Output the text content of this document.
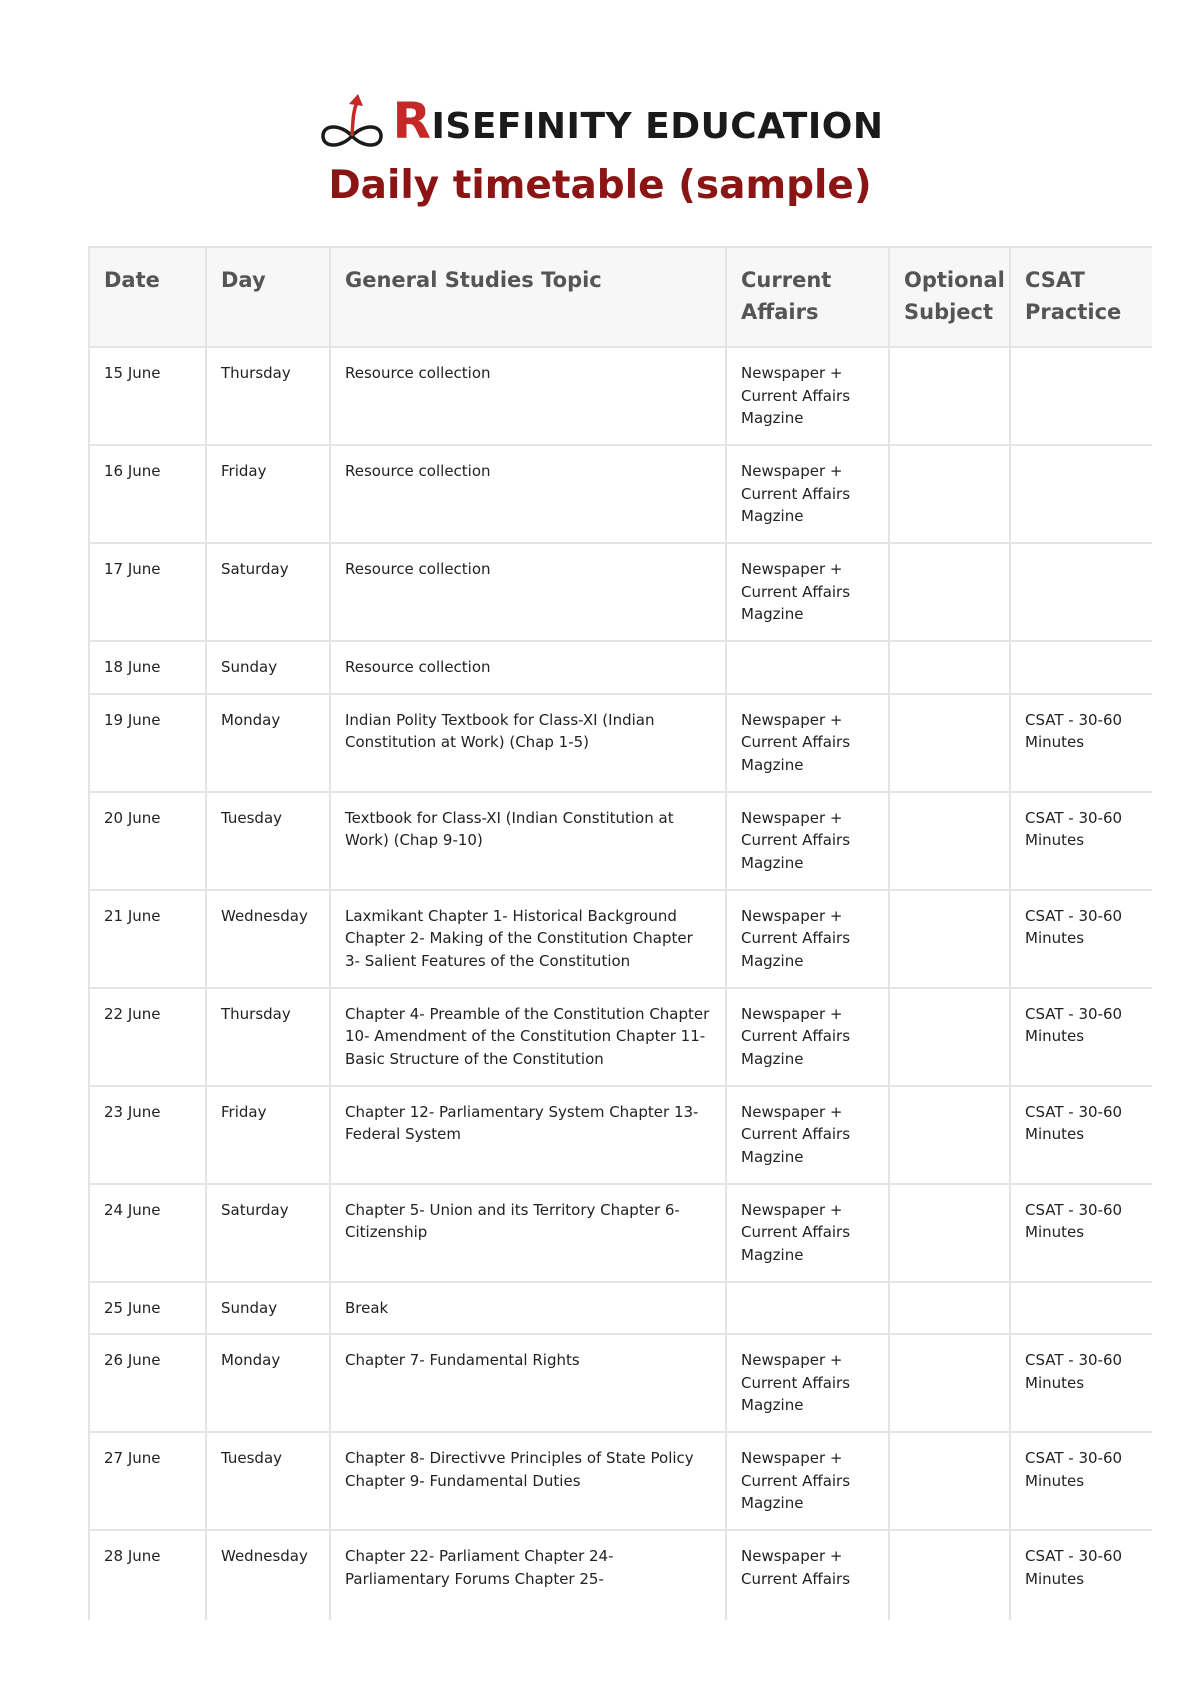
RISEFINITY EDUCATION
Daily timetable (sample)
Date	Day	General Studies Topic	Current Affairs	Optional Subject	CSAT Practice
15 June	Thursday	Resource collection	Newspaper + Current Affairs Magzine		
16 June	Friday	Resource collection	Newspaper + Current Affairs Magzine		
17 June	Saturday	Resource collection	Newspaper + Current Affairs Magzine		
18 June	Sunday	Resource collection			
19 June	Monday	Indian Polity Textbook for Class-XI (Indian Constitution at Work) (Chap 1-5)	Newspaper + Current Affairs Magzine		CSAT - 30-60 Minutes
20 June	Tuesday	Textbook for Class-XI (Indian Constitution at Work) (Chap 9-10)	Newspaper + Current Affairs Magzine		CSAT - 30-60 Minutes
21 June	Wednesday	Laxmikant Chapter 1- Historical Background Chapter 2- Making of the Constitution Chapter 3- Salient Features of the Constitution	Newspaper + Current Affairs Magzine		CSAT - 30-60 Minutes
22 June	Thursday	Chapter 4- Preamble of the Constitution Chapter 10- Amendment of the Constitution Chapter 11- Basic Structure of the Constitution	Newspaper + Current Affairs Magzine		CSAT - 30-60 Minutes
23 June	Friday	Chapter 12- Parliamentary System Chapter 13- Federal System	Newspaper + Current Affairs Magzine		CSAT - 30-60 Minutes
24 June	Saturday	Chapter 5- Union and its Territory Chapter 6- Citizenship	Newspaper + Current Affairs Magzine		CSAT - 30-60 Minutes
25 June	Sunday	Break			
26 June	Monday	Chapter 7- Fundamental Rights	Newspaper + Current Affairs Magzine		CSAT - 30-60 Minutes
27 June	Tuesday	Chapter 8- Directivve Principles of State Policy Chapter 9- Fundamental Duties	Newspaper + Current Affairs Magzine		CSAT - 30-60 Minutes
28 June	Wednesday	Chapter 22- Parliament Chapter 24- Parliamentary Forums Chapter 25-	Newspaper + Current Affairs		CSAT - 30-60 Minutes
